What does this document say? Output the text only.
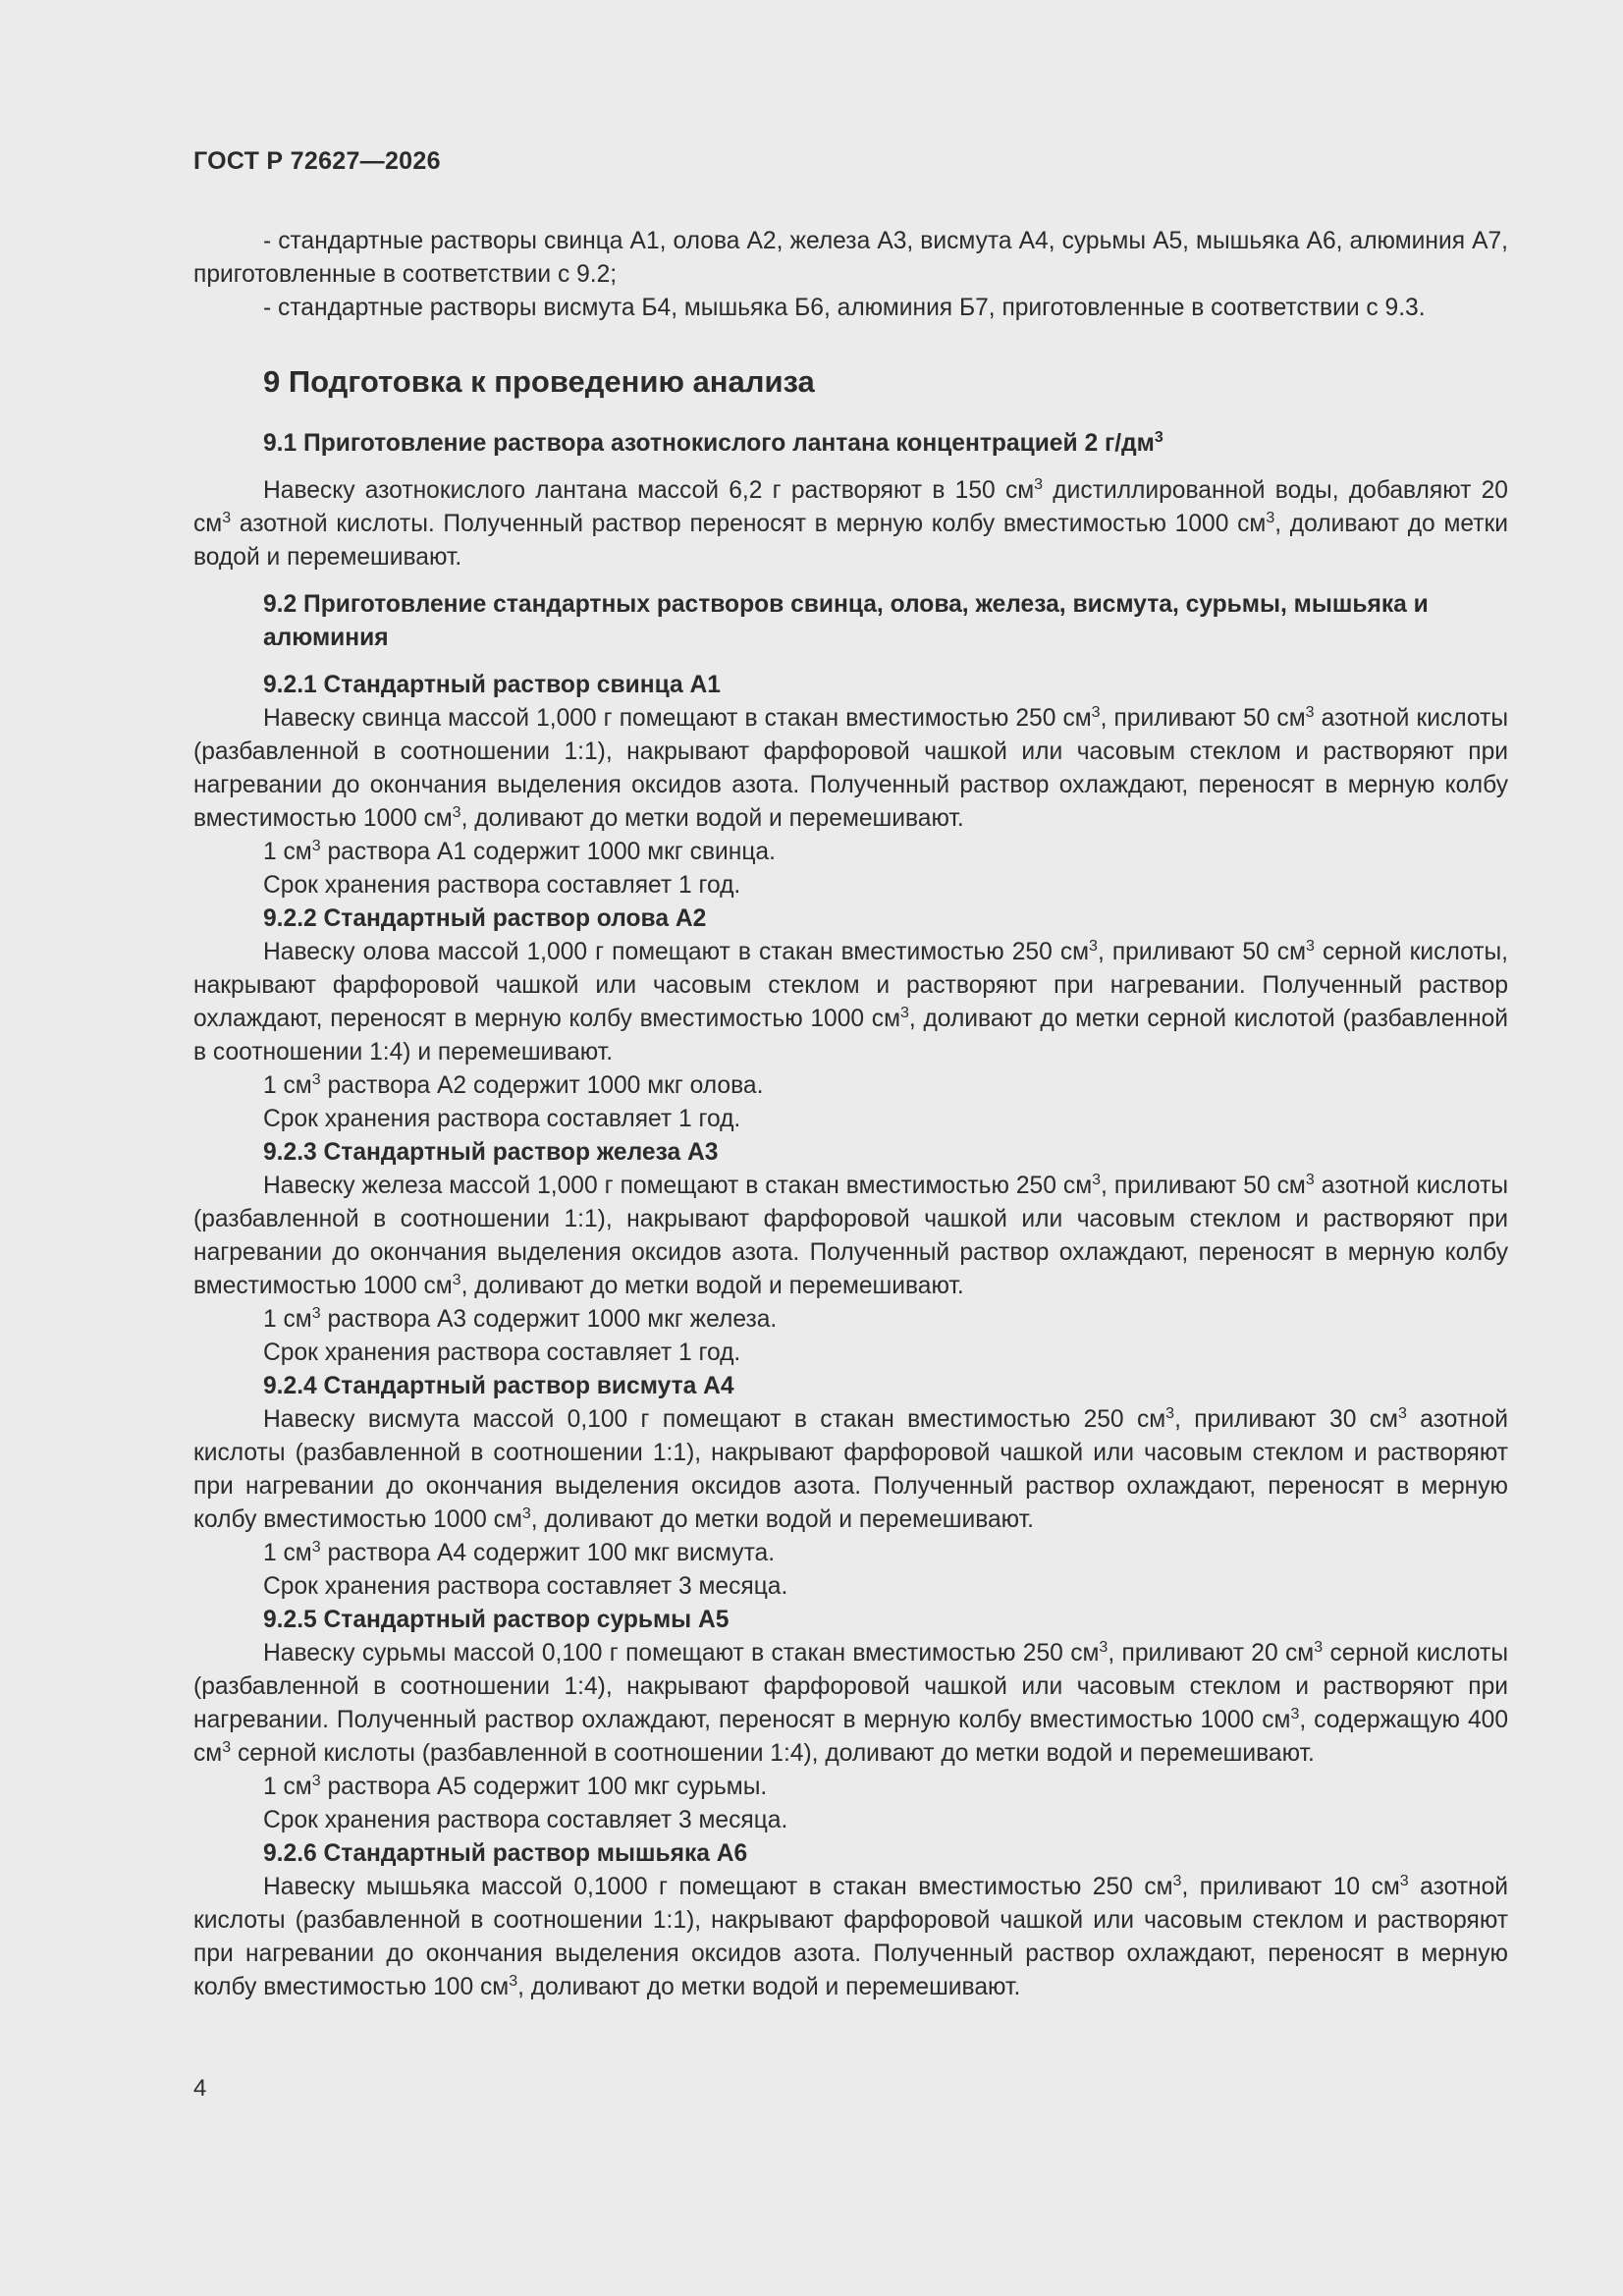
ГОСТ Р 72627—2026

- стандартные растворы свинца А1, олова А2, железа А3, висмута А4, сурьмы А5, мышьяка А6, алюминия А7, приготовленные в соответствии с 9.2;

- стандартные растворы висмута Б4, мышьяка Б6, алюминия Б7, приготовленные в соответствии с 9.3.

9 Подготовка к проведению анализа
9.1 Приготовление раствора азотнокислого лантана концентрацией 2 $г/дм^3$

Навеску азотнокислого лантана массой 6,2 г растворяют в 150 $см^3$ дистиллированной воды, добавляют 20 $см^3$ азотной кислоты. Полученный раствор переносят в мерную колбу вместимостью 1000 $см^3$, доливают до метки водой и перемешивают.

9.2 Приготовление стандартных растворов свинца, олова, железа, висмута, сурьмы, мышьяка и алюминия
9.2.1 Стандартный раствор свинца А1

Навеску свинца массой 1,000 г помещают в стакан вместимостью 250 $см^3$, приливают 50 $см^3$ азотной кислоты (разбавленной в соотношении 1:1), накрывают фарфоровой чашкой или часовым стеклом и растворяют при нагревании до окончания выделения оксидов азота. Полученный раствор охлаждают, переносят в мерную колбу вместимостью 1000 $см^3$, доливают до метки водой и перемешивают.

1 $см^3$ раствора А1 содержит 1000 мкг свинца.

Срок хранения раствора составляет 1 год.

9.2.2 Стандартный раствор олова А2

Навеску олова массой 1,000 г помещают в стакан вместимостью 250 $см^3$, приливают 50 $см^3$ серной кислоты, накрывают фарфоровой чашкой или часовым стеклом и растворяют при нагревании. Полученный раствор охлаждают, переносят в мерную колбу вместимостью 1000 $см^3$, доливают до метки серной кислотой (разбавленной в соотношении 1:4) и перемешивают.

1 $см^3$ раствора А2 содержит 1000 мкг олова.

Срок хранения раствора составляет 1 год.

9.2.3 Стандартный раствор железа А3

Навеску железа массой 1,000 г помещают в стакан вместимостью 250 $см^3$, приливают 50 $см^3$ азотной кислоты (разбавленной в соотношении 1:1), накрывают фарфоровой чашкой или часовым стеклом и растворяют при нагревании до окончания выделения оксидов азота. Полученный раствор охлаждают, переносят в мерную колбу вместимостью 1000 $см^3$, доливают до метки водой и перемешивают.

1 $см^3$ раствора А3 содержит 1000 мкг железа.

Срок хранения раствора составляет 1 год.

9.2.4 Стандартный раствор висмута А4

Навеску висмута массой 0,100 г помещают в стакан вместимостью 250 $см^3$, приливают 30 $см^3$ азотной кислоты (разбавленной в соотношении 1:1), накрывают фарфоровой чашкой или часовым стеклом и растворяют при нагревании до окончания выделения оксидов азота. Полученный раствор охлаждают, переносят в мерную колбу вместимостью 1000 $см^3$, доливают до метки водой и перемешивают.

1 $см^3$ раствора А4 содержит 100 мкг висмута.

Срок хранения раствора составляет 3 месяца.

9.2.5 Стандартный раствор сурьмы А5

Навеску сурьмы массой 0,100 г помещают в стакан вместимостью 250 $см^3$, приливают 20 $см^3$ серной кислоты (разбавленной в соотношении 1:4), накрывают фарфоровой чашкой или часовым стеклом и растворяют при нагревании. Полученный раствор охлаждают, переносят в мерную колбу вместимостью 1000 $см^3$, содержащую 400 $см^3$ серной кислоты (разбавленной в соотношении 1:4), доливают до метки водой и перемешивают.

1 $см^3$ раствора А5 содержит 100 мкг сурьмы.

Срок хранения раствора составляет 3 месяца.

9.2.6 Стандартный раствор мышьяка А6

Навеску мышьяка массой 0,1000 г помещают в стакан вместимостью 250 $см^3$, приливают 10 $см^3$ азотной кислоты (разбавленной в соотношении 1:1), накрывают фарфоровой чашкой или часовым стеклом и растворяют при нагревании до окончания выделения оксидов азота. Полученный раствор охлаждают, переносят в мерную колбу вместимостью 100 $см^3$, доливают до метки водой и перемешивают.

4
